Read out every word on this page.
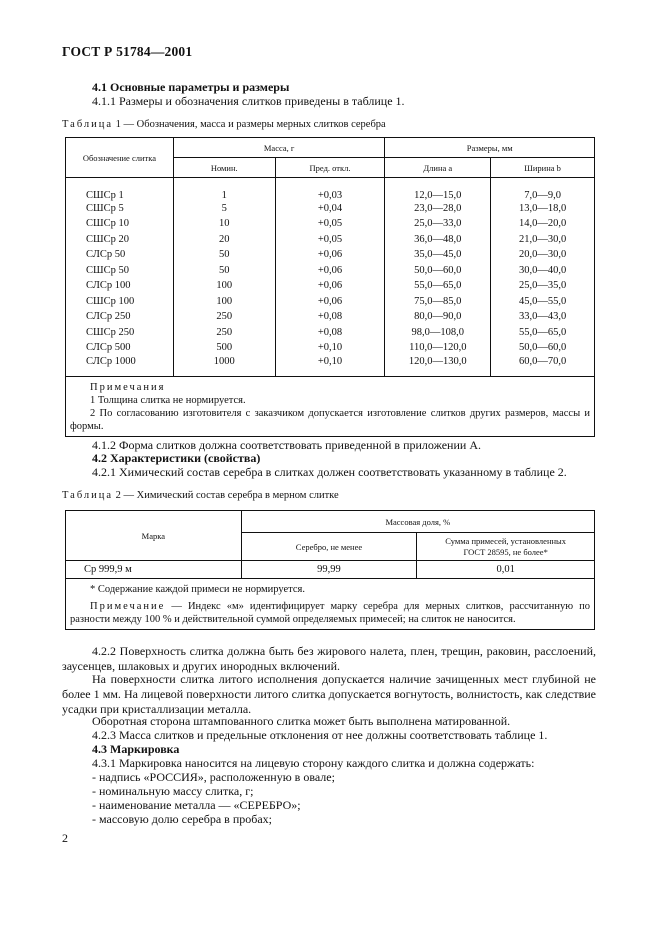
ГОСТ Р 51784—2001
4.1 Основные параметры и размеры
4.1.1 Размеры и обозначения слитков приведены в таблице 1.
Таблица 1 — Обозначения, масса и размеры мерных слитков серебра
Обозначение слитка	Масса, г		Размеры, мм	
	Номин.	Пред. откл.	Длина a	Ширина b
СШСр 1	1	+0,03	12,0—15,0	7,0—9,0
СШСр 5	5	+0,04	23,0—28,0	13,0—18,0
СШСр 10	10	+0,05	25,0—33,0	14,0—20,0
СШСр 20	20	+0,05	36,0—48,0	21,0—30,0
СЛСр 50	50	+0,06	35,0—45,0	20,0—30,0
СШСр 50	50	+0,06	50,0—60,0	30,0—40,0
СЛСр 100	100	+0,06	55,0—65,0	25,0—35,0
СШСр 100	100	+0,06	75,0—85,0	45,0—55,0
СЛСр 250	250	+0,08	80,0—90,0	33,0—43,0
СШСр 250	250	+0,08	98,0—108,0	55,0—65,0
СЛСр 500	500	+0,10	110,0—120,0	50,0—60,0
СЛСр 1000	1000	+0,10	120,0—130,0	60,0—70,0

Примечания
1 Толщина слитка не нормируется.
2 По согласованию изготовителя с заказчиком допускается изготовление слитков других размеров, массы и формы.				
4.1.2 Форма слитков должна соответствовать приведенной в приложении А.
4.2 Характеристики (свойства)
4.2.1 Химический состав серебра в слитках должен соответствовать указанному в таблице 2.
Таблица 2 — Химический состав серебра в мерном слитке
Марка	Массовая доля, %	
	Серебро, не менее	Сумма примесей, установленных
ГОСТ 28595, не более*

Ср 999,9 м	99,99	0,01

* Содержание каждой примеси не нормируется.
Примечание — Индекс «м» идентифицирует марку серебра для мерных слитков, рассчитанную по разности между 100 % и действительной суммой определяемых примесей; на слиток не наносится.		
4.2.2 Поверхность слитка должна быть без жирового налета, плен, трещин, раковин, расслоений, заусенцев, шлаковых и других инородных включений.
На поверхности слитка литого исполнения допускается наличие зачищенных мест глубиной не более 1 мм. На лицевой поверхности литого слитка допускается вогнутость, волнистость, как следствие усадки при кристаллизации металла.
Оборотная сторона штампованного слитка может быть выполнена матированной.
4.2.3 Масса слитков и предельные отклонения от нее должны соответствовать таблице 1.
4.3 Маркировка
4.3.1 Маркировка наносится на лицевую сторону каждого слитка и должна содержать:
- надпись «РОССИЯ», расположенную в овале;
- номинальную массу слитка, г;
- наименование металла — «СЕРЕБРО»;
- массовую долю серебра в пробах;
2
